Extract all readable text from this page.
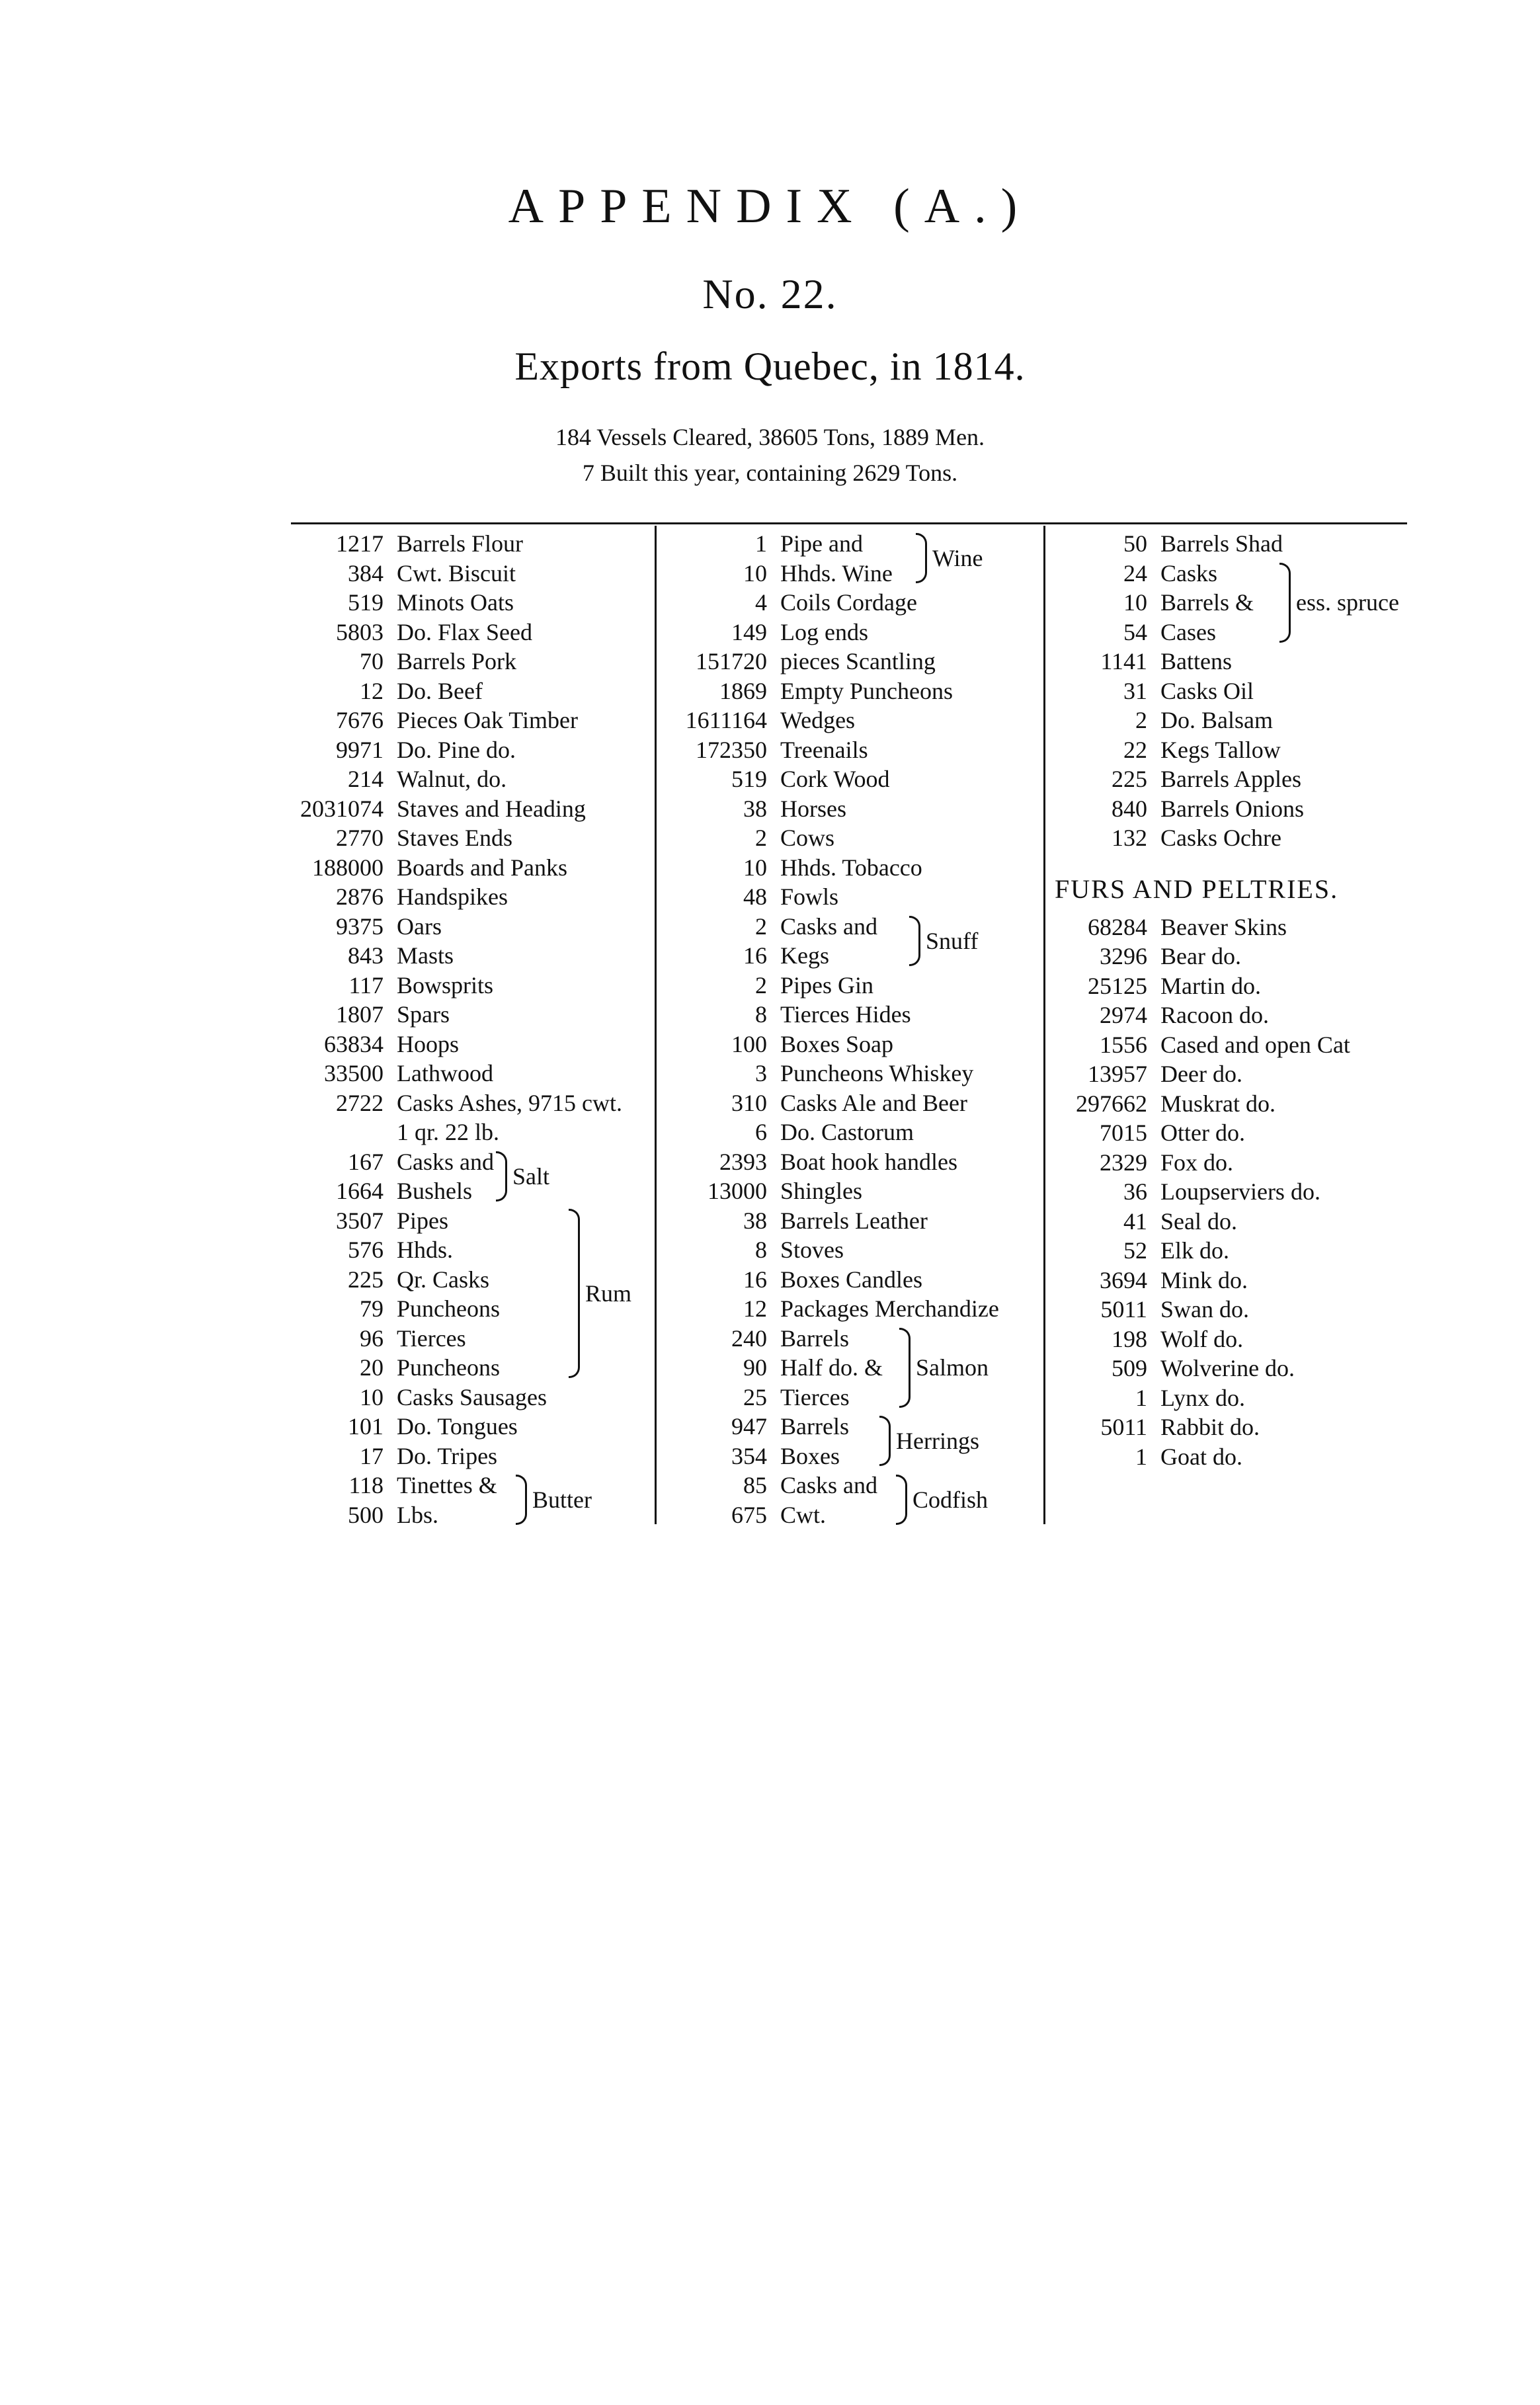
APPENDIX (A.)
No. 22.
Exports from Quebec, in 1814.
184 Vessels Cleared, 38605 Tons, 1889 Men.
7 Built this year, containing 2629 Tons.
1217 Barrels Flour
384 Cwt. Biscuit
519 Minots Oats
5803 Do. Flax Seed
70 Barrels Pork
12 Do. Beef
7676 Pieces Oak Timber
9971 Do. Pine do.
214 Walnut, do.
2031074 Staves and Heading
2770 Staves Ends
188000 Boards and Panks
2876 Handspikes
9375 Oars
843 Masts
117 Bowsprits
1807 Spars
63834 Hoops
33500 Lathwood
2722 Casks Ashes, 9715 cwt.
1 qr. 22 lb.
167 Casks and
Salt
1664 Bushels
3507 Pipes
Rum
576 Hhds.
225 Qr. Casks
79 Puncheons
96 Tierces
20 Puncheons
10 Casks Sausages
101 Do. Tongues
17 Do. Tripes
118 Tinettes &
Butter
500 Lbs.
1 Pipe and
Wine
10 Hhds. Wine
4 Coils Cordage
149 Log ends
151720 pieces Scantling
1869 Empty Puncheons
1611164 Wedges
172350 Treenails
519 Cork Wood
38 Horses
2 Cows
10 Hhds. Tobacco
48 Fowls
2 Casks and
Snuff
16 Kegs
2 Pipes Gin
8 Tierces Hides
100 Boxes Soap
3 Puncheons Whiskey
310 Casks Ale and Beer
6 Do. Castorum
2393 Boat hook handles
13000 Shingles
38 Barrels Leather
8 Stoves
16 Boxes Candles
12 Packages Merchandize
240 Barrels
Salmon
90 Half do. &
25 Tierces
947 Barrels
Herrings
354 Boxes
85 Casks and
Codfish
675 Cwt.
50 Barrels Shad
24 Casks
ess. spruce
10 Barrels &
54 Cases
1141 Battens
31 Casks Oil
2 Do. Balsam
22 Kegs Tallow
225 Barrels Apples
840 Barrels Onions
132 Casks Ochre
FURS AND PELTRIES.
68284 Beaver Skins
3296 Bear do.
25125 Martin do.
2974 Racoon do.
1556 Cased and open Cat
13957 Deer do.
297662 Muskrat do.
7015 Otter do.
2329 Fox do.
36 Loupserviers do.
41 Seal do.
52 Elk do.
3694 Mink do.
5011 Swan do.
198 Wolf do.
509 Wolverine do.
1 Lynx do.
5011 Rabbit do.
1 Goat do.
